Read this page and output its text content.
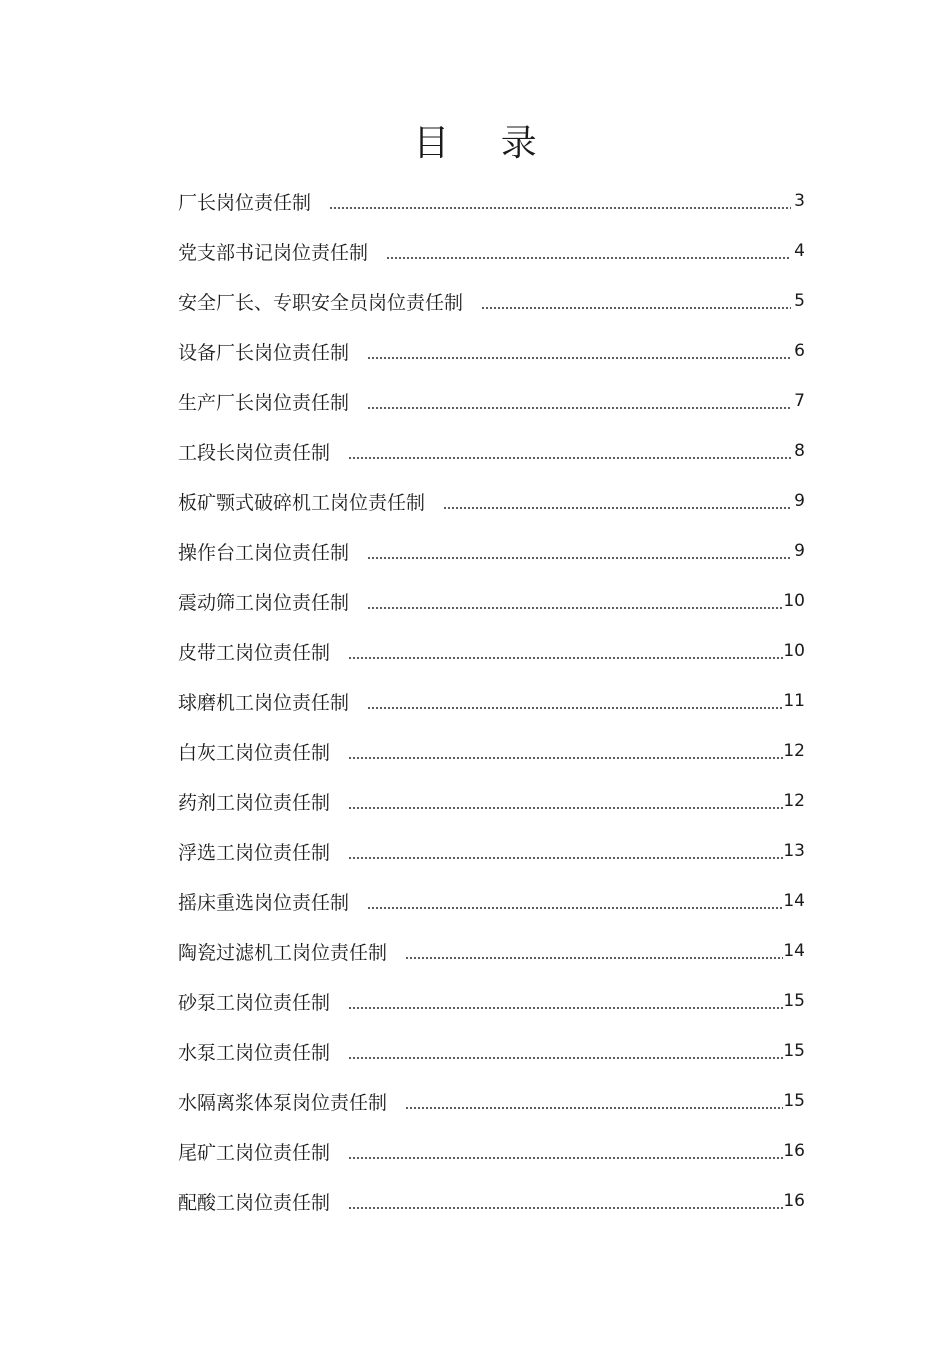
目 录
厂长岗位责任制	3
党支部书记岗位责任制	4
安全厂长、专职安全员岗位责任制	5
设备厂长岗位责任制	6
生产厂长岗位责任制	7
工段长岗位责任制	8
板矿颚式破碎机工岗位责任制	9
操作台工岗位责任制	9
震动筛工岗位责任制	10
皮带工岗位责任制	10
球磨机工岗位责任制	11
白灰工岗位责任制	12
药剂工岗位责任制	12
浮选工岗位责任制	13
摇床重选岗位责任制	14
陶瓷过滤机工岗位责任制	14
砂泵工岗位责任制	15
水泵工岗位责任制	15
水隔离浆体泵岗位责任制	15
尾矿工岗位责任制	16
配酸工岗位责任制	16
